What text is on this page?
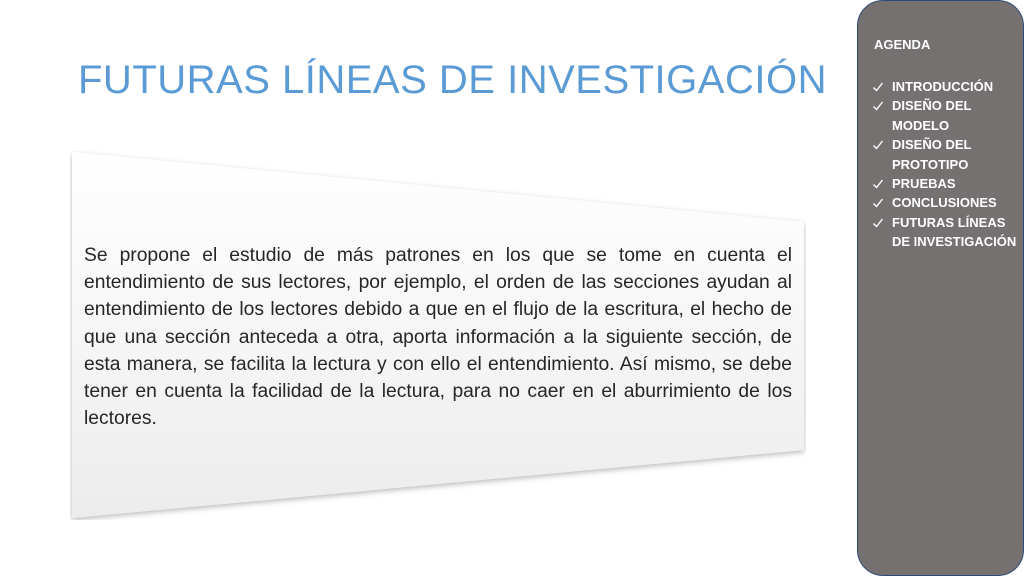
FUTURAS LÍNEAS DE INVESTIGACIÓN

Se propone el estudio de más patrones en los que se tome en cuenta el entendimiento de sus lectores, por ejemplo, el orden de las secciones ayudan al entendimiento de los lectores debido a que en el flujo de la escritura, el hecho de que una sección anteceda a otra, aporta información a la siguiente sección, de esta manera, se facilita la lectura y con ello el entendimiento. Así mismo, se debe tener en cuenta la facilidad de la lectura, para no caer en el aburrimiento de los lectores.

AGENDA
INTRODUCCIÓN
DISEÑO DEL MODELO
DISEÑO DEL PROTOTIPO
PRUEBAS
CONCLUSIONES
FUTURAS LÍNEAS DE INVESTIGACIÓN
